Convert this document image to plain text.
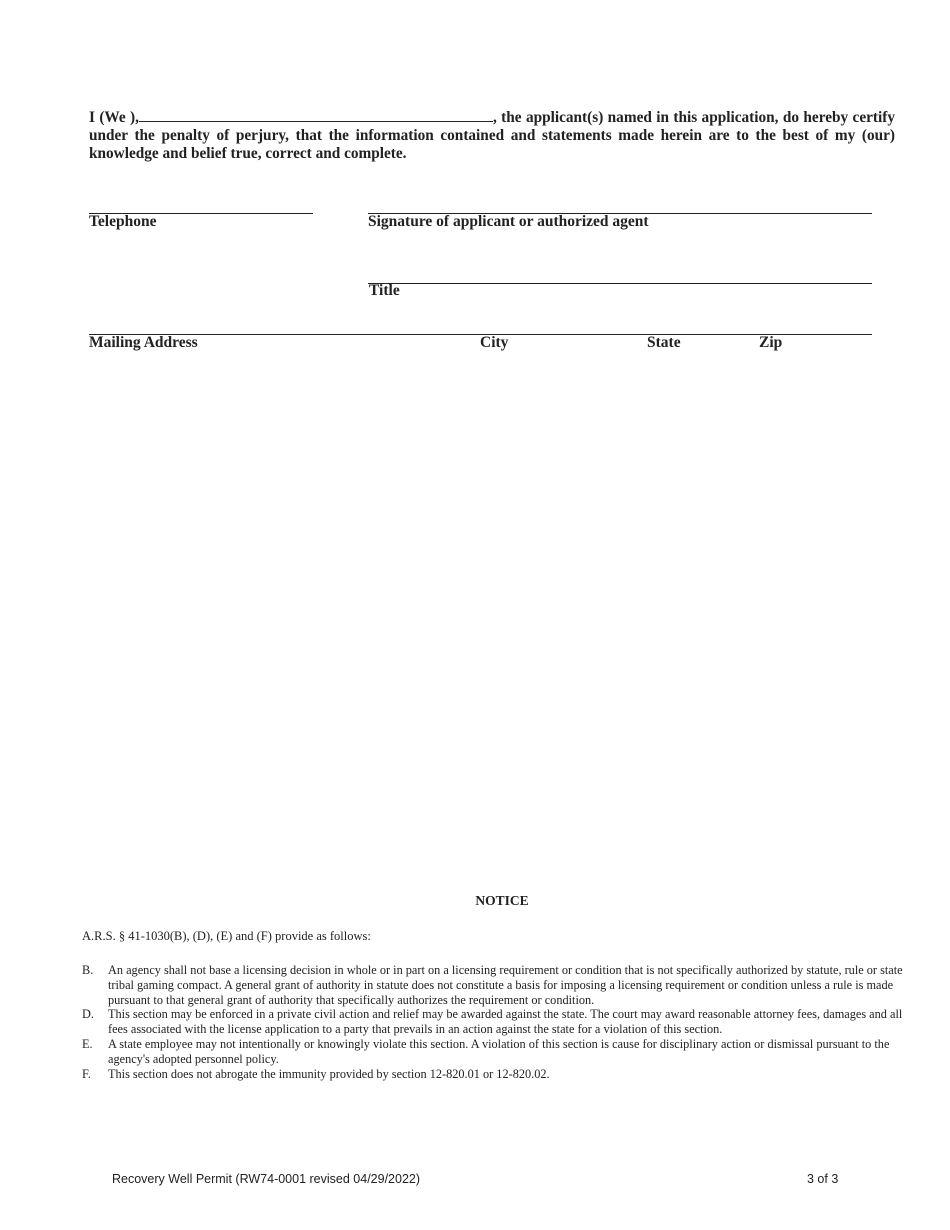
I (We ),	, the applicant(s) named in this application, do hereby certify under the penalty of perjury, that the information contained and statements made herein are to the best of my (our) knowledge and belief true, correct and complete.
Telephone	Signature of applicant or authorized agent
Title
Mailing Address	City	State	Zip
NOTICE
A.R.S. § 41-1030(B), (D), (E) and (F) provide as follows:
B.	An agency shall not base a licensing decision in whole or in part on a licensing requirement or condition that is not specifically authorized by statute, rule or state tribal gaming compact. A general grant of authority in statute does not constitute a basis for imposing a licensing requirement or condition unless a rule is made pursuant to that general grant of authority that specifically authorizes the requirement or condition.
D.	This section may be enforced in a private civil action and relief may be awarded against the state. The court may award reasonable attorney fees, damages and all fees associated with the license application to a party that prevails in an action against the state for a violation of this section.
E.	A state employee may not intentionally or knowingly violate this section. A violation of this section is cause for disciplinary action or dismissal pursuant to the agency's adopted personnel policy.
F.	This section does not abrogate the immunity provided by section 12-820.01 or 12-820.02.
Recovery Well Permit (RW74-0001 revised 04/29/2022)	3 of 3
